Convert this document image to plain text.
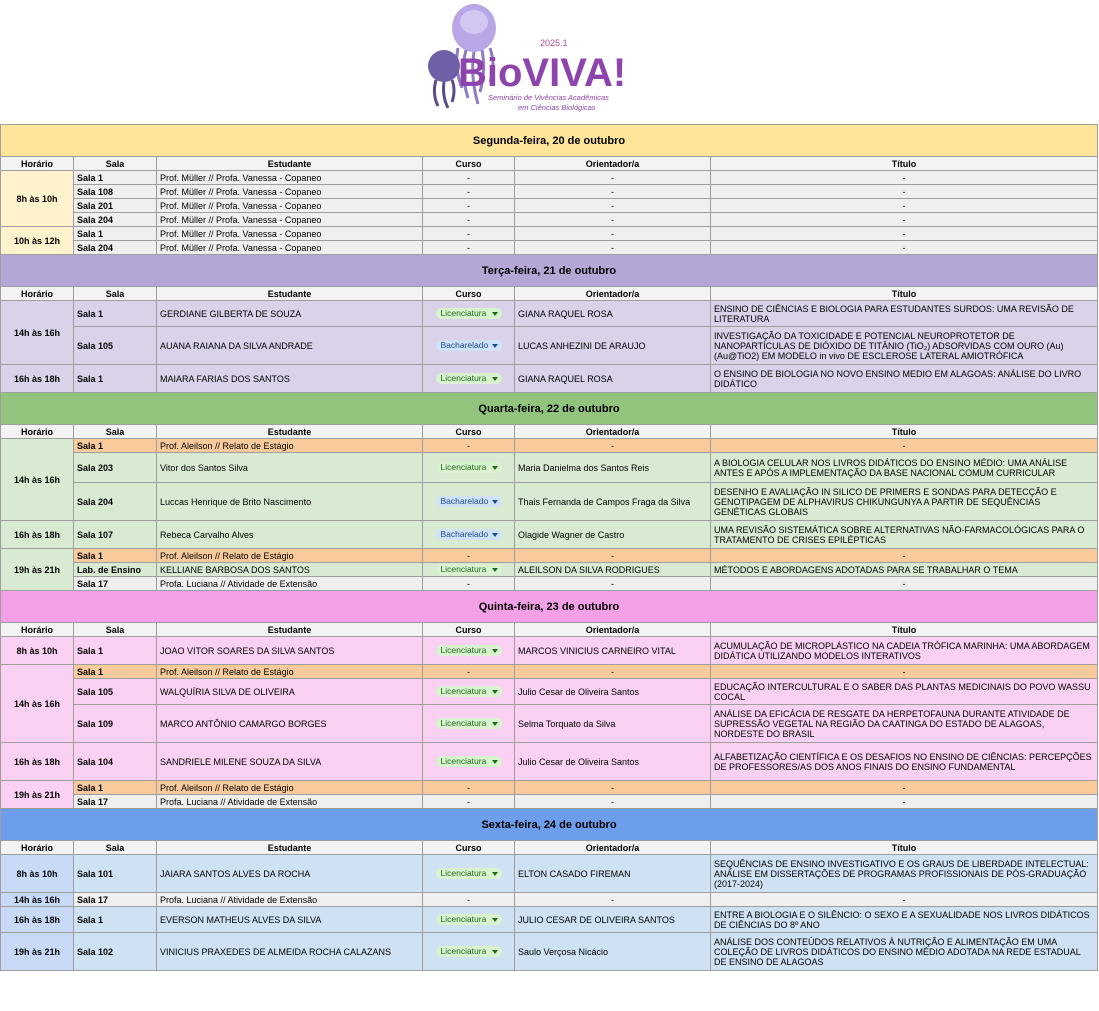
2025.1
BioVIVA!
Seminário de Vivências Acadêmicas
em Ciências Biológicas
Segunda-feira, 20 de outubro					
Horário	Sala	Estudante	Curso	Orientador/a	Título
8h às 10h	Sala 1	Prof. Müller // Profa. Vanessa - Copaneo	-	-	-
	Sala 108	Prof. Müller // Profa. Vanessa - Copaneo	-	-	-
	Sala 201	Prof. Müller // Profa. Vanessa - Copaneo	-	-	-
	Sala 204	Prof. Müller // Profa. Vanessa - Copaneo	-	-	-
10h às 12h	Sala 1	Prof. Müller // Profa. Vanessa - Copaneo	-	-	-
	Sala 204	Prof. Müller // Profa. Vanessa - Copaneo	-	-	-
Terça-feira, 21 de outubro					
Horário	Sala	Estudante	Curso	Orientador/a	Título
14h às 16h	Sala 1	GERDIANE GILBERTA DE SOUZA	Licenciatura	GIANA RAQUEL ROSA	ENSINO DE CIÊNCIAS E BIOLOGIA PARA ESTUDANTES SURDOS: UMA REVISÃO DE LITERATURA
	Sala 105	AUANA RAIANA DA SILVA ANDRADE	Bacharelado	LUCAS ANHEZINI DE ARAUJO	INVESTIGAÇÃO DA TOXICIDADE E POTENCIAL NEUROPROTETOR DE NANOPARTÍCULAS DE DIÓXIDO DE TITÂNIO (TiO₂) ADSORVIDAS COM OURO (Au) (Au@TiO2) EM MODELO in vivo DE ESCLEROSE LATERAL AMIOTRÓFICA
16h às 18h	Sala 1	MAIARA FARIAS DOS SANTOS	Licenciatura	GIANA RAQUEL ROSA	O ENSINO DE BIOLOGIA NO NOVO ENSINO MEDIO EM ALAGOAS: ANÁLISE DO LIVRO DIDÁTICO
Quarta-feira, 22 de outubro					
Horário	Sala	Estudante	Curso	Orientador/a	Título
14h às 16h	Sala 1	Prof. Aleilson // Relato de Estágio	-	-	-
	Sala 203	Vitor dos Santos Silva	Licenciatura	Maria Danielma dos Santos Reis	A BIOLOGIA CELULAR NOS LIVROS DIDÁTICOS DO ENSINO MÉDIO: UMA ANÁLISE ANTES E APÓS A IMPLEMENTAÇÃO DA BASE NACIONAL COMUM CURRICULAR
	Sala 204	Luccas Henrique de Brito Nascimento	Bacharelado	Thais Fernanda de Campos Fraga da Silva	DESENHO E AVALIAÇÃO IN SILICO DE PRIMERS E SONDAS PARA DETECÇÃO E GENOTIPAGEM DE ALPHAVIRUS CHIKUNGUNYA A PARTIR DE SEQUÊNCIAS GENÉTICAS GLOBAIS
16h às 18h	Sala 107	Rebeca Carvalho Alves	Bacharelado	Olagide Wagner de Castro	UMA REVISÃO SISTEMÁTICA SOBRE ALTERNATIVAS NÃO-FARMACOLÓGICAS PARA O TRATAMENTO DE CRISES EPILÉPTICAS
19h às 21h	Sala 1	Prof. Aleilson // Relato de Estágio	-	-	-
	Lab. de Ensino	KELLIANE BARBOSA DOS SANTOS	Licenciatura	ALEILSON DA SILVA RODRIGUES	MÉTODOS E ABORDAGENS ADOTADAS PARA SE TRABALHAR O TEMA
	Sala 17	Profa. Luciana // Atividade de Extensão	-	-	-
Quinta-feira, 23 de outubro					
Horário	Sala	Estudante	Curso	Orientador/a	Título
8h às 10h	Sala 1	JOAO VITOR SOARES DA SILVA SANTOS	Licenciatura	MARCOS VINICIUS CARNEIRO VITAL	ACUMULAÇÃO DE MICROPLÁSTICO NA CADEIA TRÓFICA MARINHA: UMA ABORDAGEM DIDÁTICA UTILIZANDO MODELOS INTERATIVOS
14h às 16h	Sala 1	Prof. Aleilson // Relato de Estágio	-	-	-
	Sala 105	WALQUÍRIA SILVA DE OLIVEIRA	Licenciatura	Julio Cesar de Oliveira Santos	EDUCAÇÃO INTERCULTURAL E O SABER DAS PLANTAS MEDICINAIS DO POVO WASSU COCAL
	Sala 109	MARCO ANTÔNIO CAMARGO BORGES	Licenciatura	Selma Torquato da Silva	ANÁLISE DA EFICÁCIA DE RESGATE DA HERPETOFAUNA DURANTE ATIVIDADE DE SUPRESSÃO VEGETAL NA REGIÃO DA CAATINGA DO ESTADO DE ALAGOAS, NORDESTE DO BRASIL
16h às 18h	Sala 104	SANDRIELE MILENE SOUZA DA SILVA	Licenciatura	Julio Cesar de Oliveira Santos	ALFABETIZAÇÃO CIENTÍFICA E OS DESAFIOS NO ENSINO DE CIÊNCIAS: PERCEPÇÕES DE PROFESSORES/AS DOS ANOS FINAIS DO ENSINO FUNDAMENTAL
19h às 21h	Sala 1	Prof. Aleilson // Relato de Estágio	-	-	-
	Sala 17	Profa. Luciana // Atividade de Extensão	-	-	-
Sexta-feira, 24 de outubro					
Horário	Sala	Estudante	Curso	Orientador/a	Título
8h às 10h	Sala 101	JAIARA SANTOS ALVES DA ROCHA	Licenciatura	ELTON CASADO FIREMAN	SEQUÊNCIAS DE ENSINO INVESTIGATIVO E OS GRAUS DE LIBERDADE INTELECTUAL: ANÁLISE EM DISSERTAÇÕES DE PROGRAMAS PROFISSIONAIS DE PÓS-GRADUAÇÃO (2017-2024)
14h às 16h	Sala 17	Profa. Luciana // Atividade de Extensão	-	-	-
16h às 18h	Sala 1	EVERSON MATHEUS ALVES DA SILVA	Licenciatura	JULIO CESAR DE OLIVEIRA SANTOS	ENTRE A BIOLOGIA E O SILÊNCIO: O SEXO E A SEXUALIDADE NOS LIVROS DIDÁTICOS DE CIÊNCIAS DO 8º ANO
19h às 21h	Sala 102	VINICIUS PRAXEDES DE ALMEIDA ROCHA CALAZANS	Licenciatura	Saulo Verçosa Nicácio	ANÁLISE DOS CONTEÚDOS RELATIVOS À NUTRIÇÃO E ALIMENTAÇÃO EM UMA COLEÇÃO DE LIVROS DIDÁTICOS DO ENSINO MÉDIO ADOTADA NA REDE ESTADUAL DE ENSINO DE ALAGOAS
